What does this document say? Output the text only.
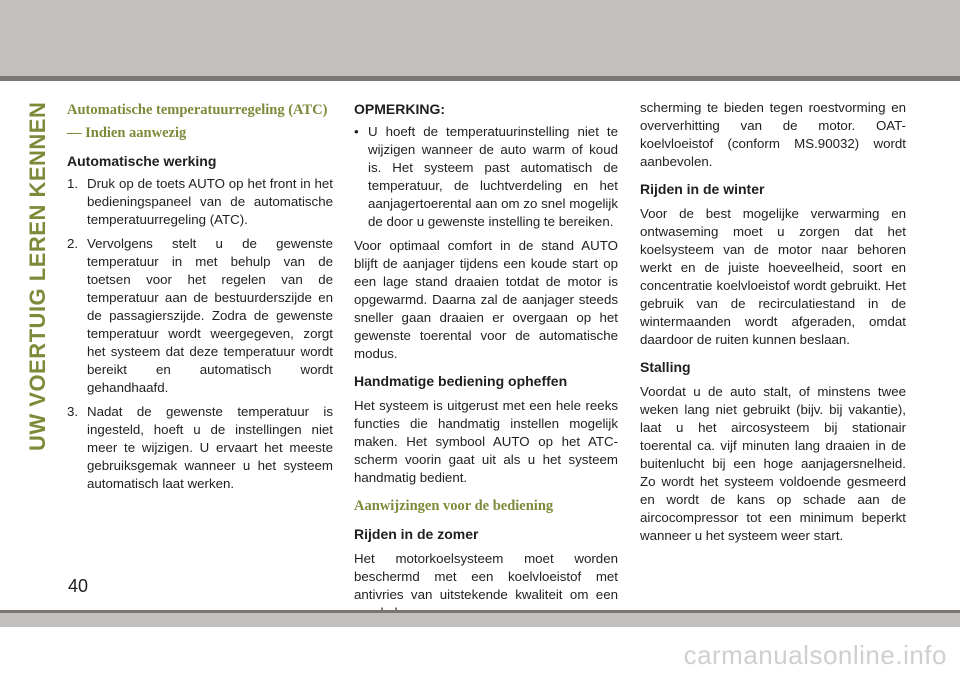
UW VOERTUIG LEREN KENNEN Automatische temperatuurregeling (ATC) — Indien aanwezig
Automatische werking
1. Druk op de toets AUTO op het front in het bedieningspaneel van de automatische temperatuurregeling (ATC).
2. Vervolgens stelt u de gewenste temperatuur in met behulp van de toetsen voor het regelen van de temperatuur aan de bestuurderszijde en de passagierszijde. Zodra de gewenste temperatuur wordt weergegeven, zorgt het systeem dat deze temperatuur wordt bereikt en automatisch wordt gehandhaafd.
3. Nadat de gewenste temperatuur is ingesteld, hoeft u de instellingen niet meer te wijzigen. U ervaart het meeste gebruiksgemak wanneer u het systeem automatisch laat werken.
OPMERKING:
• U hoeft de temperatuurinstelling niet te wijzigen wanneer de auto warm of koud is. Het systeem past automatisch de temperatuur, de luchtverdeling en het aanjagertoerental aan om zo snel mogelijk de door u gewenste instelling te bereiken.

Voor optimaal comfort in de stand AUTO blijft de aanjager tijdens een koude start op een lage stand draaien totdat de motor is opgewarmd. Daarna zal de aanjager steeds sneller gaan draaien er overgaan op het gewenste toerental voor de automatische modus.

Handmatige bediening opheffen

Het systeem is uitgerust met een hele reeks functies die handmatig instellen mogelijk maken. Het symbool AUTO op het ATC-scherm voorin gaat uit als u het systeem handmatig bedient.

Aanwijzingen voor de bediening
Rijden in de zomer

Het motorkoelsysteem moet worden beschermd met een koelvloeistof met antivries van uitstekende kwaliteit om een

scherming te bieden tegen roestvorming en oververhitting van de motor. OAT-koelvloeistof (conform MS.90032) wordt aanbevolen.

Rijden in de winter

Voor de best mogelijke verwarming en ontwaseming moet u zorgen dat het koelsysteem van de motor naar behoren werkt en de juiste hoeveelheid, soort en concentratie koelvloeistof wordt gebruikt. Het gebruik van de recirculatiestand in de wintermaanden wordt afgeraden, omdat daardoor de ruiten kunnen beslaan.

Stalling

Voordat u de auto stalt, of minstens twee weken lang niet gebruikt (bijv. bij vakantie), laat u het aircosysteem bij stationair toerental ca. vijf minuten lang draaien in de buitenlucht bij een hoge aanjagersnelheid. Zo wordt het systeem voldoende gesmeerd en wordt de kans op schade aan de aircocompressor tot een minimum beperkt wanneer u het systeem weer start.

40
carmanualsonline.info
